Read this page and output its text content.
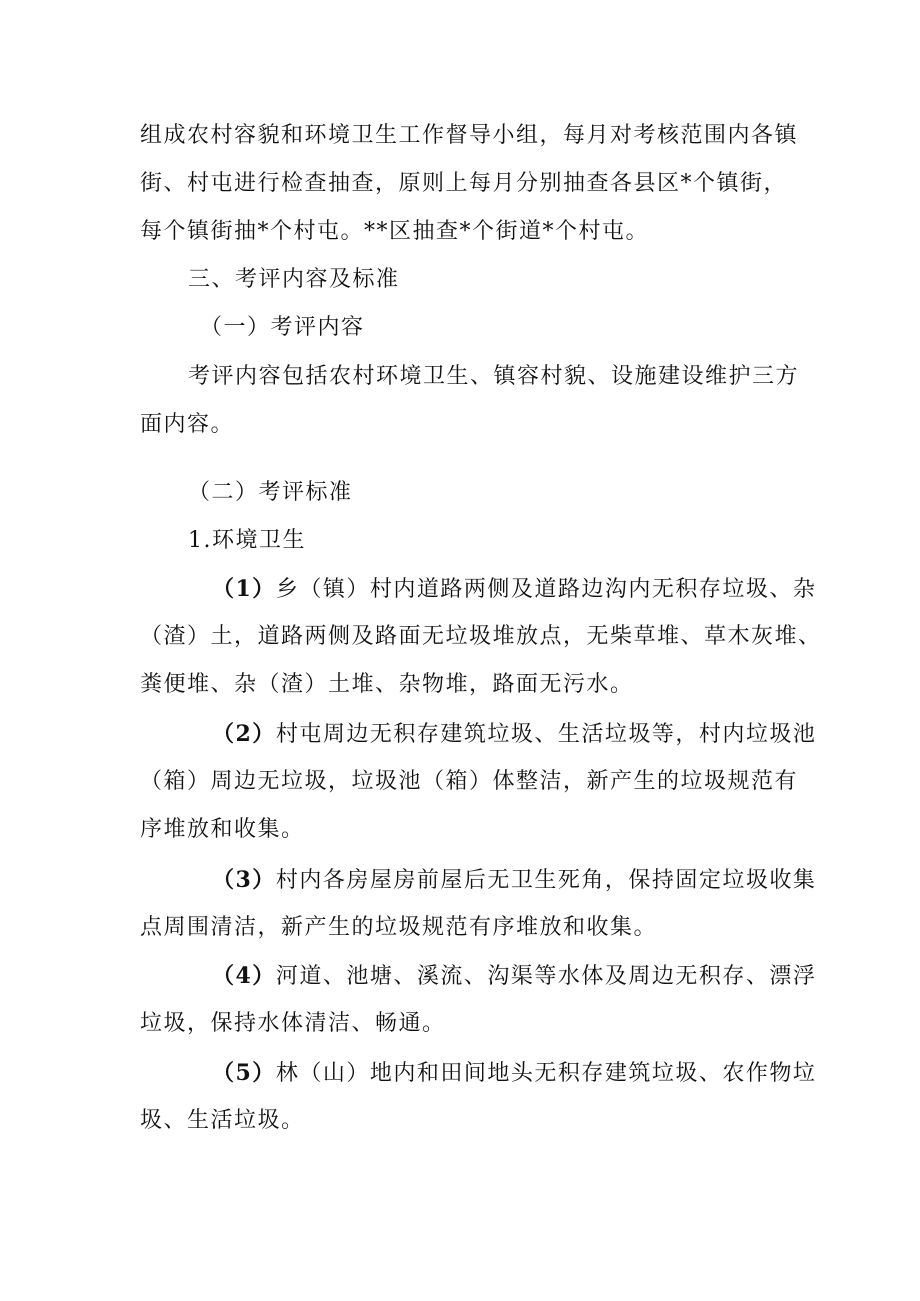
组成农村容貌和环境卫生工作督导小组，每月对考核范围内各镇
街、村屯进行检查抽查，原则上每月分别抽查各县区*个镇街，
每个镇街抽*个村屯。**区抽查*个街道*个村屯。
三、考评内容及标准
（一）考评内容
考评内容包括农村环境卫生、镇容村貌、设施建设维护三方
面内容。
（二）考评标准
1.环境卫生
（1）乡（镇）村内道路两侧及道路边沟内无积存垃圾、杂
（渣）土，道路两侧及路面无垃圾堆放点，无柴草堆、草木灰堆、
粪便堆、杂（渣）土堆、杂物堆，路面无污水。
（2）村屯周边无积存建筑垃圾、生活垃圾等，村内垃圾池
（箱）周边无垃圾，垃圾池（箱）体整洁，新产生的垃圾规范有
序堆放和收集。
（3）村内各房屋房前屋后无卫生死角，保持固定垃圾收集
点周围清洁，新产生的垃圾规范有序堆放和收集。
（4）河道、池塘、溪流、沟渠等水体及周边无积存、漂浮
垃圾，保持水体清洁、畅通。
（5）林（山）地内和田间地头无积存建筑垃圾、农作物垃
圾、生活垃圾。
